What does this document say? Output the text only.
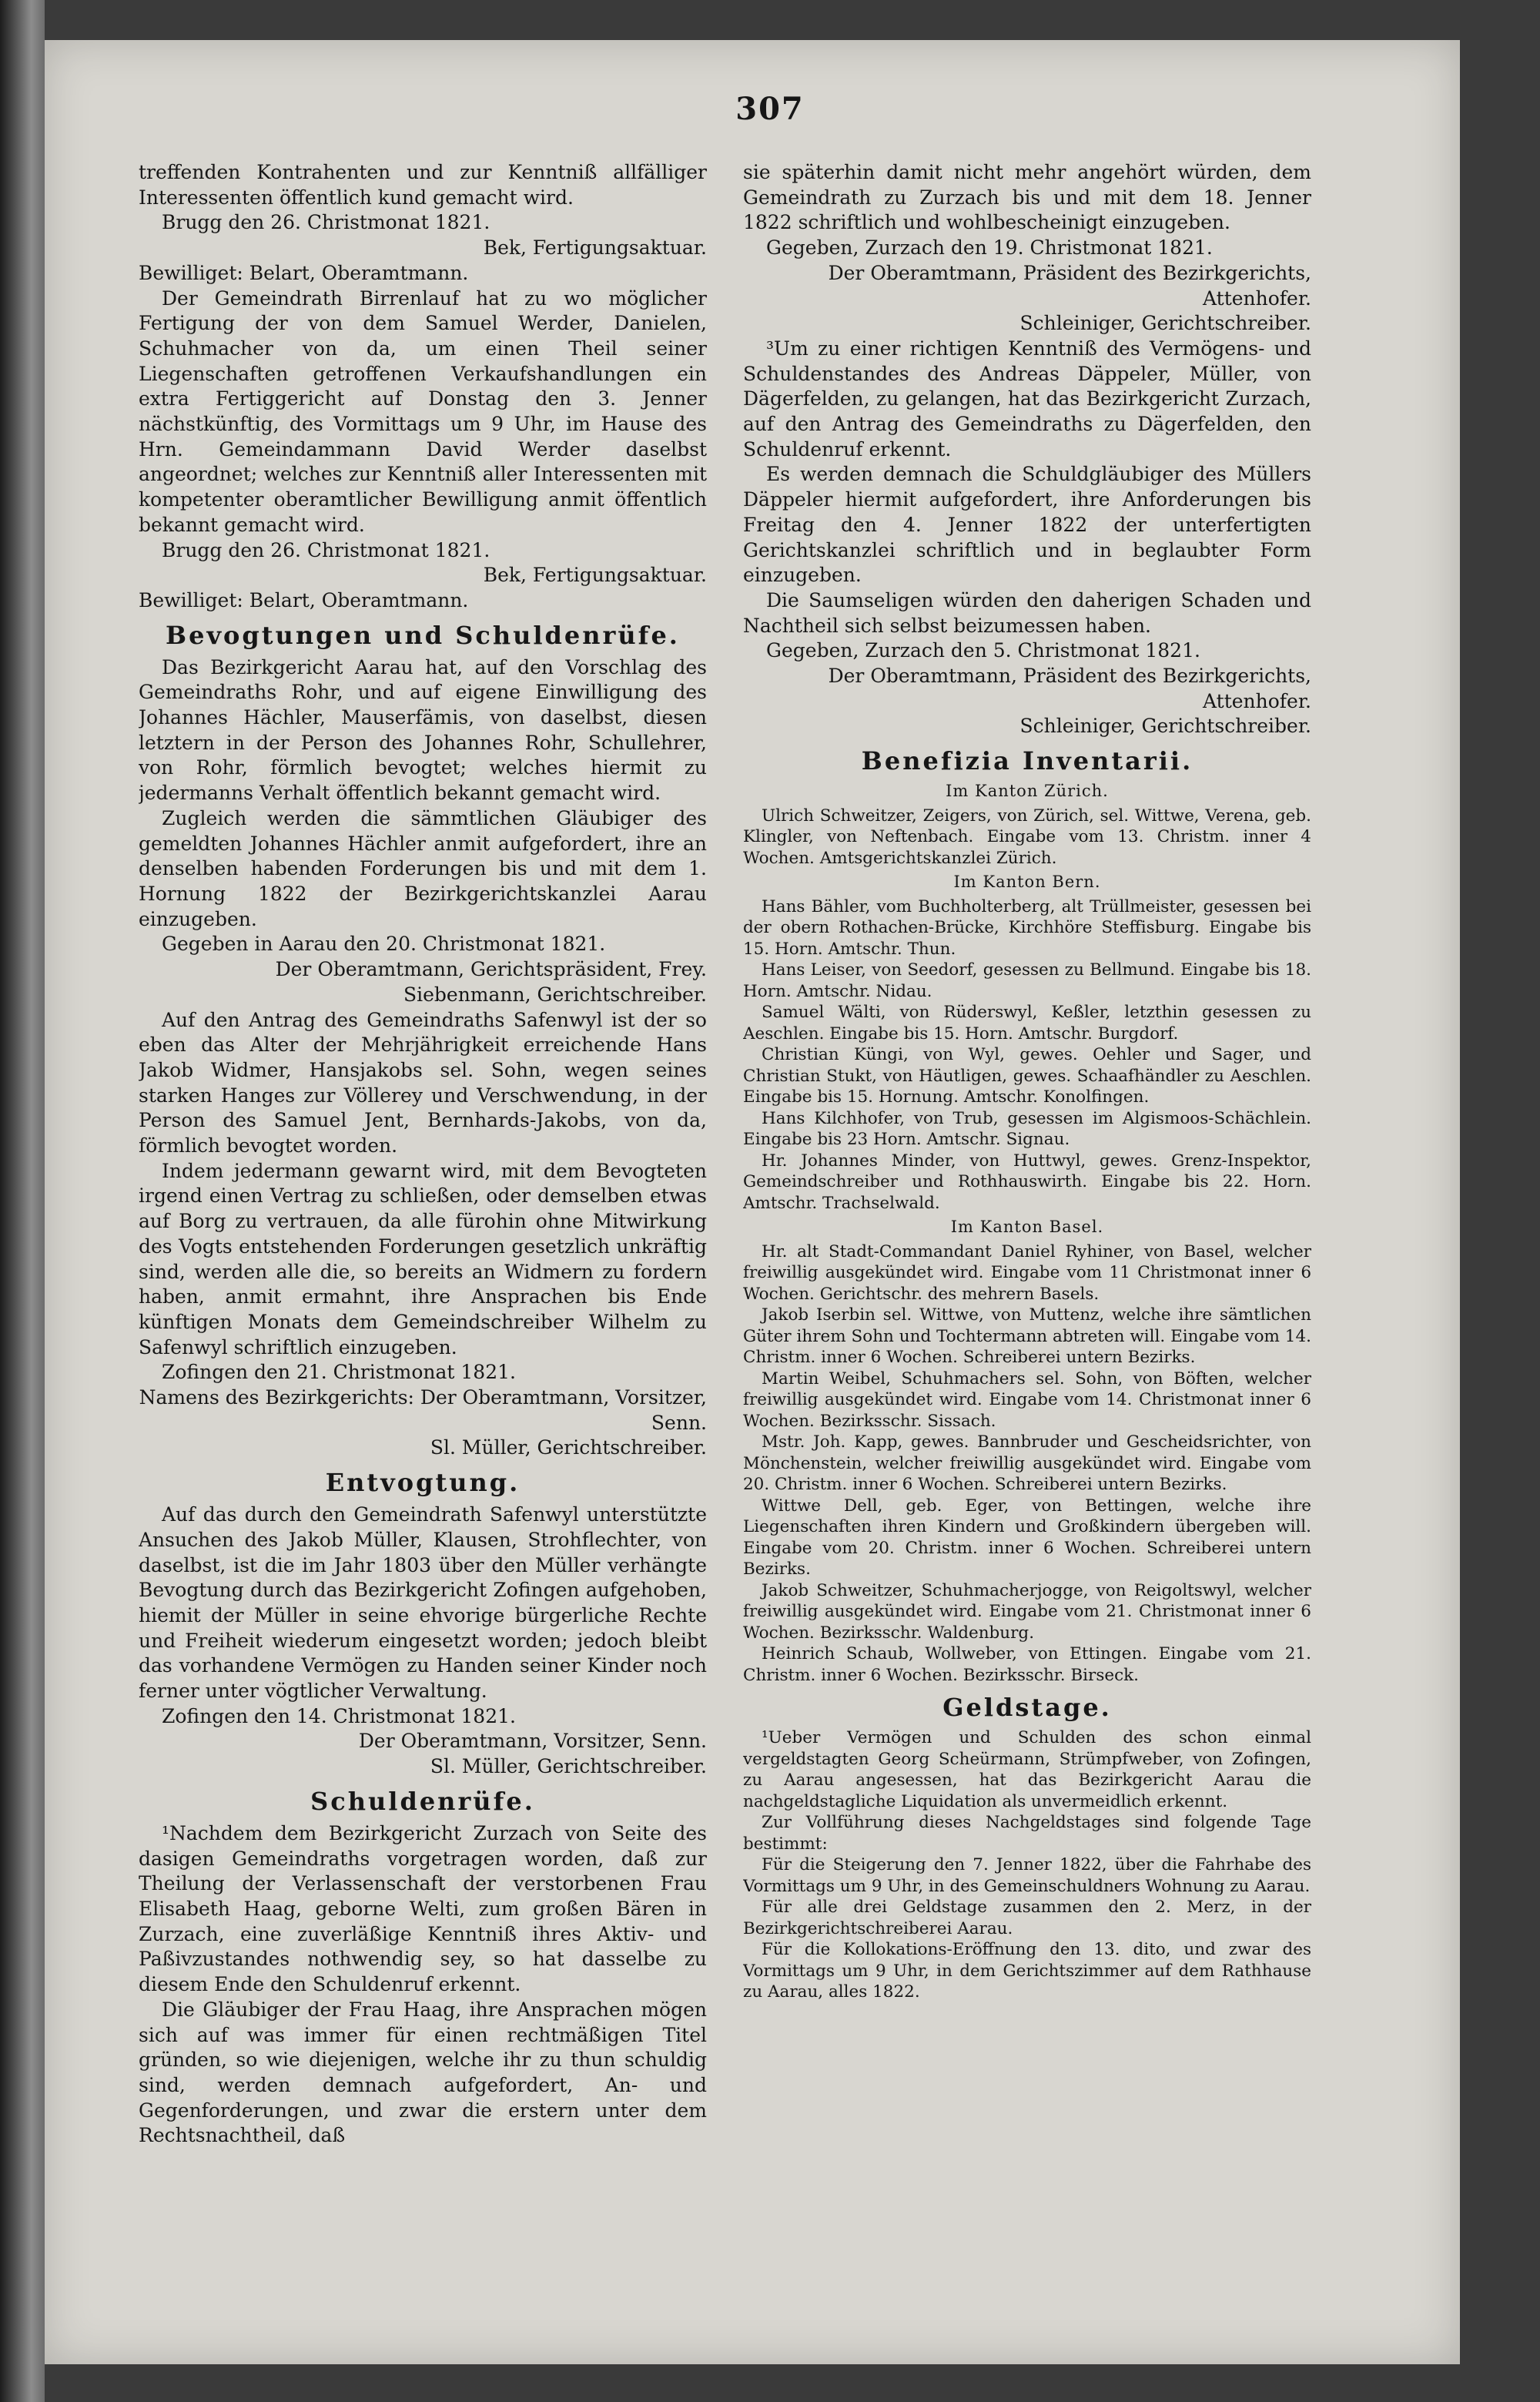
307

treffenden Kontrahenten und zur Kenntniß allfälliger Interessenten öffentlich kund gemacht wird.

Brugg den 26. Christmonat 1821.

Bek, Fertigungsaktuar.

Bewilliget: Belart, Oberamtmann.

Der Gemeindrath Birrenlauf hat zu wo möglicher Fertigung der von dem Samuel Werder, Danielen, Schuhmacher von da, um einen Theil seiner Liegenschaften getroffenen Verkaufshandlungen ein extra Fertiggericht auf Donstag den 3. Jenner nächstkünftig, des Vormittags um 9 Uhr, im Hause des Hrn. Gemeindammann David Werder daselbst angeordnet; welches zur Kenntniß aller Interessenten mit kompetenter oberamtlicher Bewilligung anmit öffentlich bekannt gemacht wird.

Brugg den 26. Christmonat 1821.

Bek, Fertigungsaktuar.

Bewilliget: Belart, Oberamtmann.

Bevogtungen und Schuldenrüfe.

Das Bezirkgericht Aarau hat, auf den Vorschlag des Gemeindraths Rohr, und auf eigene Einwilligung des Johannes Hächler, Mauserfämis, von daselbst, diesen letztern in der Person des Johannes Rohr, Schullehrer, von Rohr, förmlich bevogtet; welches hiermit zu jedermanns Verhalt öffentlich bekannt gemacht wird.

Zugleich werden die sämmtlichen Gläubiger des gemeldten Johannes Hächler anmit aufgefordert, ihre an denselben habenden Forderungen bis und mit dem 1. Hornung 1822 der Bezirkgerichtskanzlei Aarau einzugeben.

Gegeben in Aarau den 20. Christmonat 1821.

Der Oberamtmann, Gerichtspräsident, Frey.

Siebenmann, Gerichtschreiber.

Auf den Antrag des Gemeindraths Safenwyl ist der so eben das Alter der Mehrjährigkeit erreichende Hans Jakob Widmer, Hansjakobs sel. Sohn, wegen seines starken Hanges zur Völlerey und Verschwendung, in der Person des Samuel Jent, Bernhards-Jakobs, von da, förmlich bevogtet worden.

Indem jedermann gewarnt wird, mit dem Bevogteten irgend einen Vertrag zu schließen, oder demselben etwas auf Borg zu vertrauen, da alle fürohin ohne Mitwirkung des Vogts entstehenden Forderungen gesetzlich unkräftig sind, werden alle die, so bereits an Widmern zu fordern haben, anmit ermahnt, ihre Ansprachen bis Ende künftigen Monats dem Gemeindschreiber Wilhelm zu Safenwyl schriftlich einzugeben.

Zofingen den 21. Christmonat 1821.

Namens des Bezirkgerichts: Der Oberamtmann, Vorsitzer, Senn.

Sl. Müller, Gerichtschreiber.

Entvogtung.

Auf das durch den Gemeindrath Safenwyl unterstützte Ansuchen des Jakob Müller, Klausen, Strohflechter, von daselbst, ist die im Jahr 1803 über den Müller verhängte Bevogtung durch das Bezirkgericht Zofingen aufgehoben, hiemit der Müller in seine ehvorige bürgerliche Rechte und Freiheit wiederum eingesetzt worden; jedoch bleibt das vorhandene Vermögen zu Handen seiner Kinder noch ferner unter vögtlicher Verwaltung.

Zofingen den 14. Christmonat 1821.

Der Oberamtmann, Vorsitzer, Senn.

Sl. Müller, Gerichtschreiber.

Schuldenrüfe.

¹Nachdem dem Bezirkgericht Zurzach von Seite des dasigen Gemeindraths vorgetragen worden, daß zur Theilung der Verlassenschaft der verstorbenen Frau Elisabeth Haag, geborne Welti, zum großen Bären in Zurzach, eine zuverläßige Kenntniß ihres Aktiv- und Paßivzustandes nothwendig sey, so hat dasselbe zu diesem Ende den Schuldenruf erkennt.

Die Gläubiger der Frau Haag, ihre Ansprachen mögen sich auf was immer für einen rechtmäßigen Titel gründen, so wie diejenigen, welche ihr zu thun schuldig sind, werden demnach aufgefordert, An- und Gegenforderungen, und zwar die erstern unter dem Rechtsnachtheil, daß

sie späterhin damit nicht mehr angehört würden, dem Gemeindrath zu Zurzach bis und mit dem 18. Jenner 1822 schriftlich und wohlbescheinigt einzugeben.

Gegeben, Zurzach den 19. Christmonat 1821.

Der Oberamtmann, Präsident des Bezirkgerichts, Attenhofer.

Schleiniger, Gerichtschreiber.

³Um zu einer richtigen Kenntniß des Vermögens- und Schuldenstandes des Andreas Däppeler, Müller, von Dägerfelden, zu gelangen, hat das Bezirkgericht Zurzach, auf den Antrag des Gemeindraths zu Dägerfelden, den Schuldenruf erkennt.

Es werden demnach die Schuldgläubiger des Müllers Däppeler hiermit aufgefordert, ihre Anforderungen bis Freitag den 4. Jenner 1822 der unterfertigten Gerichtskanzlei schriftlich und in beglaubter Form einzugeben.

Die Saumseligen würden den daherigen Schaden und Nachtheil sich selbst beizumessen haben.

Gegeben, Zurzach den 5. Christmonat 1821.

Der Oberamtmann, Präsident des Bezirkgerichts, Attenhofer.

Schleiniger, Gerichtschreiber.

Benefizia Inventarii.

Im Kanton Zürich.

Ulrich Schweitzer, Zeigers, von Zürich, sel. Wittwe, Verena, geb. Klingler, von Neftenbach. Eingabe vom 13. Christm. inner 4 Wochen. Amtsgerichtskanzlei Zürich.

Im Kanton Bern.

Hans Bähler, vom Buchholterberg, alt Trüllmeister, gesessen bei der obern Rothachen-Brücke, Kirchhöre Steffisburg. Eingabe bis 15. Horn. Amtschr. Thun.

Hans Leiser, von Seedorf, gesessen zu Bellmund. Eingabe bis 18. Horn. Amtschr. Nidau.

Samuel Wälti, von Rüderswyl, Keßler, letzthin gesessen zu Aeschlen. Eingabe bis 15. Horn. Amtschr. Burgdorf.

Christian Küngi, von Wyl, gewes. Oehler und Sager, und Christian Stukt, von Häutligen, gewes. Schaafhändler zu Aeschlen. Eingabe bis 15. Hornung. Amtschr. Konolfingen.

Hans Kilchhofer, von Trub, gesessen im Algismoos-Schächlein. Eingabe bis 23 Horn. Amtschr. Signau.

Hr. Johannes Minder, von Huttwyl, gewes. Grenz-Inspektor, Gemeindschreiber und Rothhauswirth. Eingabe bis 22. Horn. Amtschr. Trachselwald.

Im Kanton Basel.

Hr. alt Stadt-Commandant Daniel Ryhiner, von Basel, welcher freiwillig ausgekündet wird. Eingabe vom 11 Christmonat inner 6 Wochen. Gerichtschr. des mehrern Basels.

Jakob Iserbin sel. Wittwe, von Muttenz, welche ihre sämtlichen Güter ihrem Sohn und Tochtermann abtreten will. Eingabe vom 14. Christm. inner 6 Wochen. Schreiberei untern Bezirks.

Martin Weibel, Schuhmachers sel. Sohn, von Böften, welcher freiwillig ausgekündet wird. Eingabe vom 14. Christmonat inner 6 Wochen. Bezirksschr. Sissach.

Mstr. Joh. Kapp, gewes. Bannbruder und Gescheidsrichter, von Mönchenstein, welcher freiwillig ausgekündet wird. Eingabe vom 20. Christm. inner 6 Wochen. Schreiberei untern Bezirks.

Wittwe Dell, geb. Eger, von Bettingen, welche ihre Liegenschaften ihren Kindern und Großkindern übergeben will. Eingabe vom 20. Christm. inner 6 Wochen. Schreiberei untern Bezirks.

Jakob Schweitzer, Schuhmacherjogge, von Reigoltswyl, welcher freiwillig ausgekündet wird. Eingabe vom 21. Christmonat inner 6 Wochen. Bezirksschr. Waldenburg.

Heinrich Schaub, Wollweber, von Ettingen. Eingabe vom 21. Christm. inner 6 Wochen. Bezirksschr. Birseck.

Geldstage.

¹Ueber Vermögen und Schulden des schon einmal vergeldstagten Georg Scheürmann, Strümpfweber, von Zofingen, zu Aarau angesessen, hat das Bezirkgericht Aarau die nachgeldstagliche Liquidation als unvermeidlich erkennt.

Zur Vollführung dieses Nachgeldstages sind folgende Tage bestimmt:

Für die Steigerung den 7. Jenner 1822, über die Fahrhabe des Vormittags um 9 Uhr, in des Gemeinschuldners Wohnung zu Aarau.

Für alle drei Geldstage zusammen den 2. Merz, in der Bezirkgerichtschreiberei Aarau.

Für die Kollokations-Eröffnung den 13. dito, und zwar des Vormittags um 9 Uhr, in dem Gerichtszimmer auf dem Rathhause zu Aarau, alles 1822.
